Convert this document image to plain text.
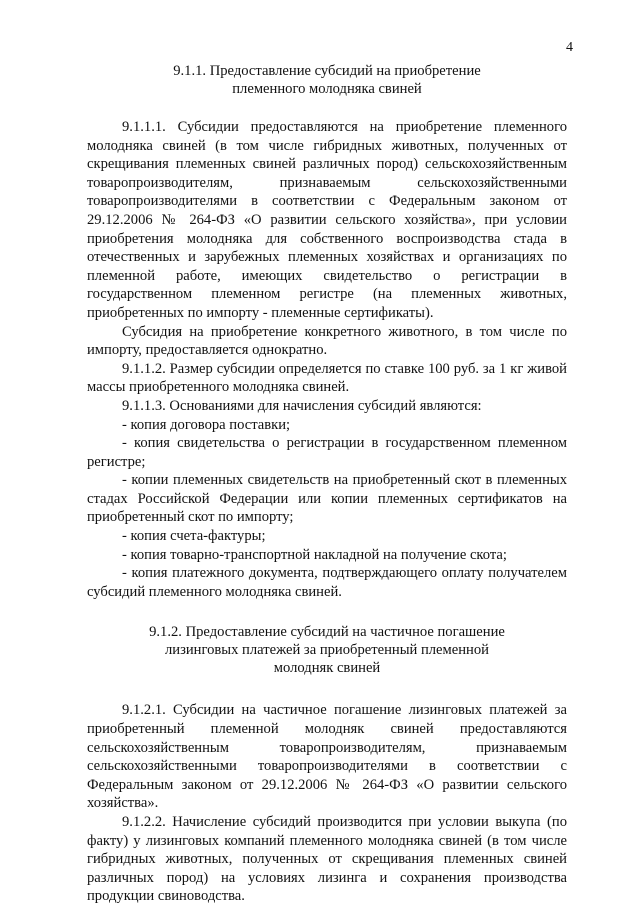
4
9.1.1. Предоставление субсидий на приобретение
племенного молодняка свиней

9.1.1.1. Субсидии предоставляются на приобретение племенного молодняка свиней (в том числе гибридных животных, полученных от скрещивания племенных свиней различных пород) сельскохозяйственным товаропроизводителям, признаваемым сельскохозяйственными товаропроизводителями в соответствии с Федеральным законом от 29.12.2006 № 264-ФЗ «О развитии сельского хозяйства», при условии приобретения молодняка для собственного воспроизводства стада в отечественных и зарубежных племенных хозяйствах и организациях по племенной работе, имеющих свидетельство о регистрации в государственном племенном регистре (на племенных животных, приобретенных по импорту - племенные сертификаты).

Субсидия на приобретение конкретного животного, в том числе по импорту, предоставляется однократно.

9.1.1.2. Размер субсидии определяется по ставке 100 руб. за 1 кг живой массы приобретенного молодняка свиней.

9.1.1.3. Основаниями для начисления субсидий являются:

- копия договора поставки;

- копия свидетельства о регистрации в государственном племенном регистре;

- копии племенных свидетельств на приобретенный скот в племенных стадах Российской Федерации или копии племенных сертификатов на приобретенный скот по импорту;

- копия счета-фактуры;

- копия товарно-транспортной накладной на получение скота;

- копия платежного документа, подтверждающего оплату получателем субсидий племенного молодняка свиней.

9.1.2. Предоставление субсидий на частичное погашение
лизинговых платежей за приобретенный племенной
молодняк свиней

9.1.2.1. Субсидии на частичное погашение лизинговых платежей за приобретенный племенной молодняк свиней предоставляются сельскохозяйственным товаропроизводителям, признаваемым сельскохозяйственными товаропроизводителями в соответствии с Федеральным законом от 29.12.2006 № 264-ФЗ «О развитии сельского хозяйства».

9.1.2.2. Начисление субсидий производится при условии выкупа (по факту) у лизинговых компаний племенного молодняка свиней (в том числе гибридных животных, полученных от скрещивания племенных свиней различных пород) на условиях лизинга и сохранения производства продукции свиноводства.
